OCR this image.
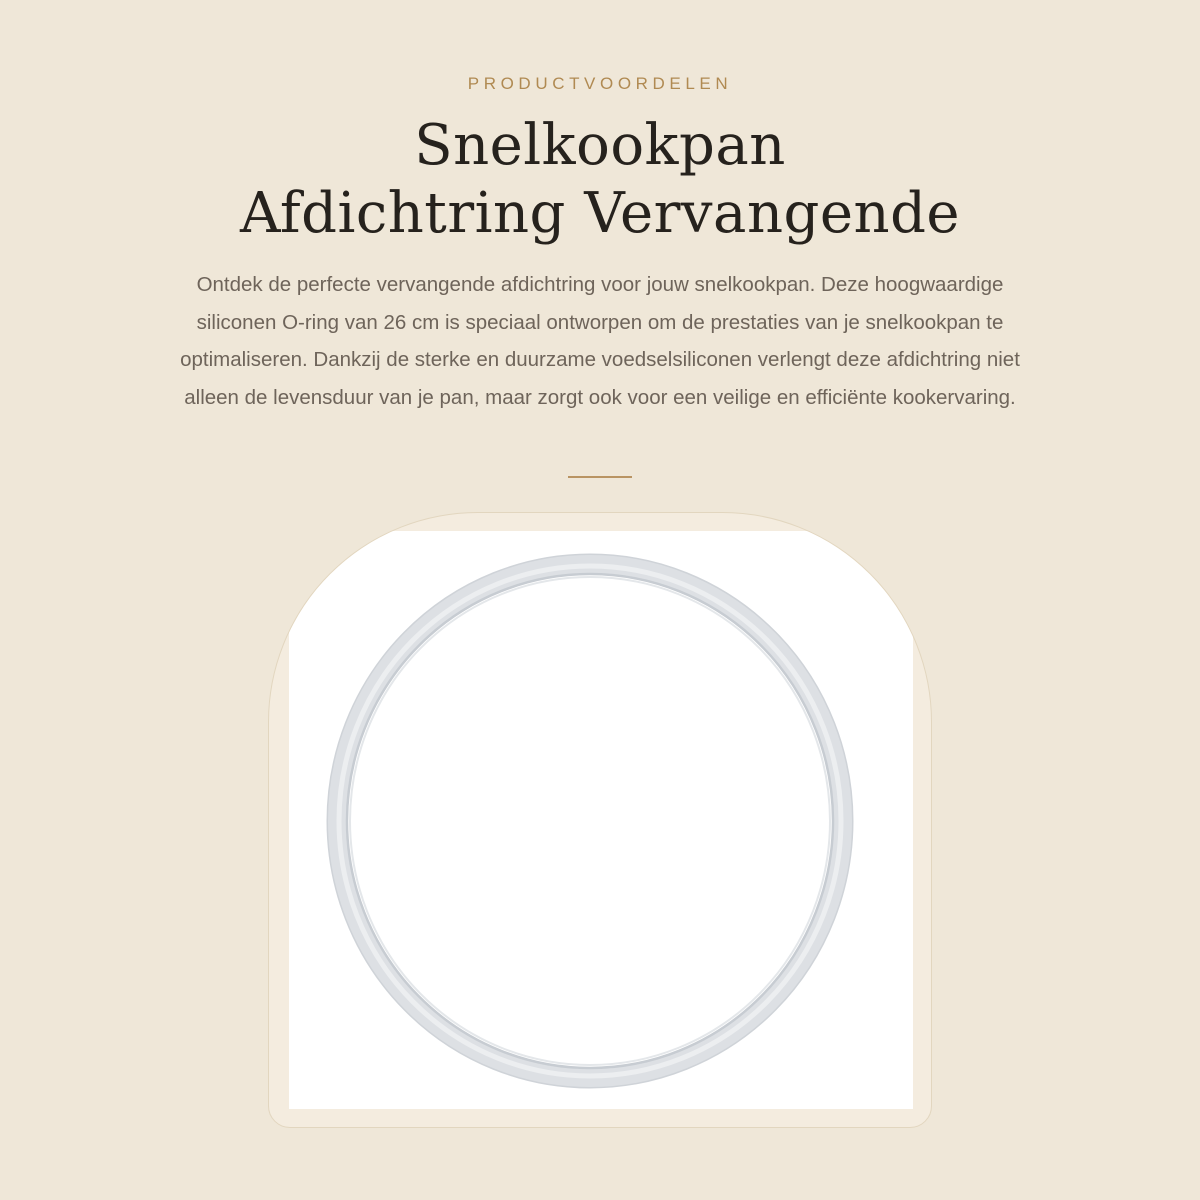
PRODUCTVOORDELEN
Snelkookpan
Afdichtring Vervangende

Ontdek de perfecte vervangende afdichtring voor jouw snelkookpan. Deze hoogwaardige siliconen O-ring van 26 cm is speciaal ontworpen om de prestaties van je snelkookpan te optimaliseren. Dankzij de sterke en duurzame voedselsiliconen verlengt deze afdichtring niet alleen de levensduur van je pan, maar zorgt ook voor een veilige en efficiënte kookervaring.
